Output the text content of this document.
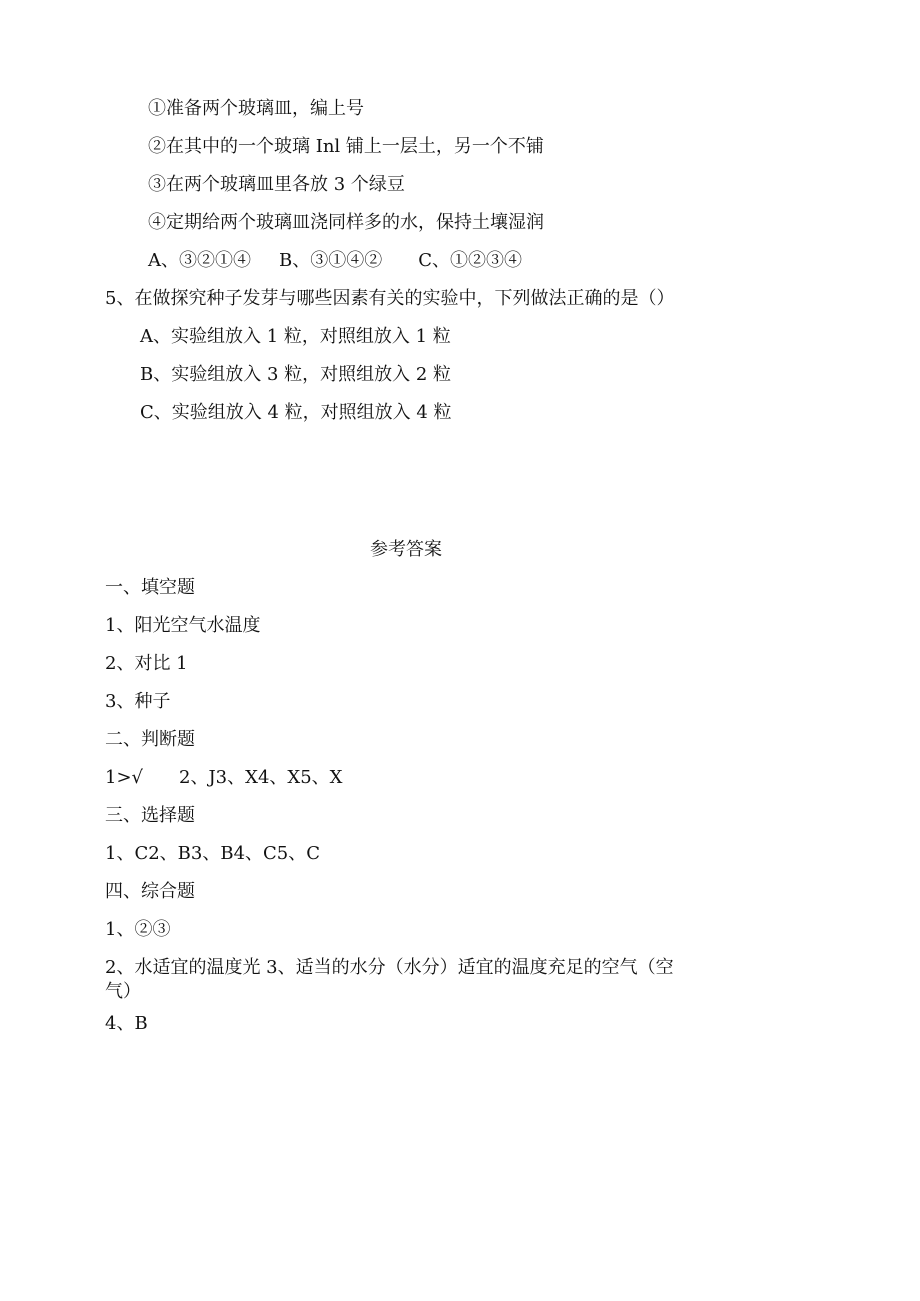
①准备两个玻璃皿，编上号
②在其中的一个玻璃 Inl 铺上一层土，另一个不铺
③在两个玻璃皿里各放 3 个绿豆
④定期给两个玻璃皿浇同样多的水，保持土壤湿润
A、③②①④ B、③①④② C、①②③④
5、在做探究种子发芽与哪些因素有关的实验中，下列做法正确的是（）
A、实验组放入 1 粒，对照组放入 1 粒
B、实验组放入 3 粒，对照组放入 2 粒
C、实验组放入 4 粒，对照组放入 4 粒
参考答案
一、填空题
1、阳光空气水温度
2、对比 1
3、种子
二、判断题
1>√　　2、J3、X4、X5、X
三、选择题
1、C2、B3、B4、C5、C
四、综合题
1、②③
2、水适宜的温度光 3、适当的水分（水分）适宜的温度充足的空气（空气）
4、B
